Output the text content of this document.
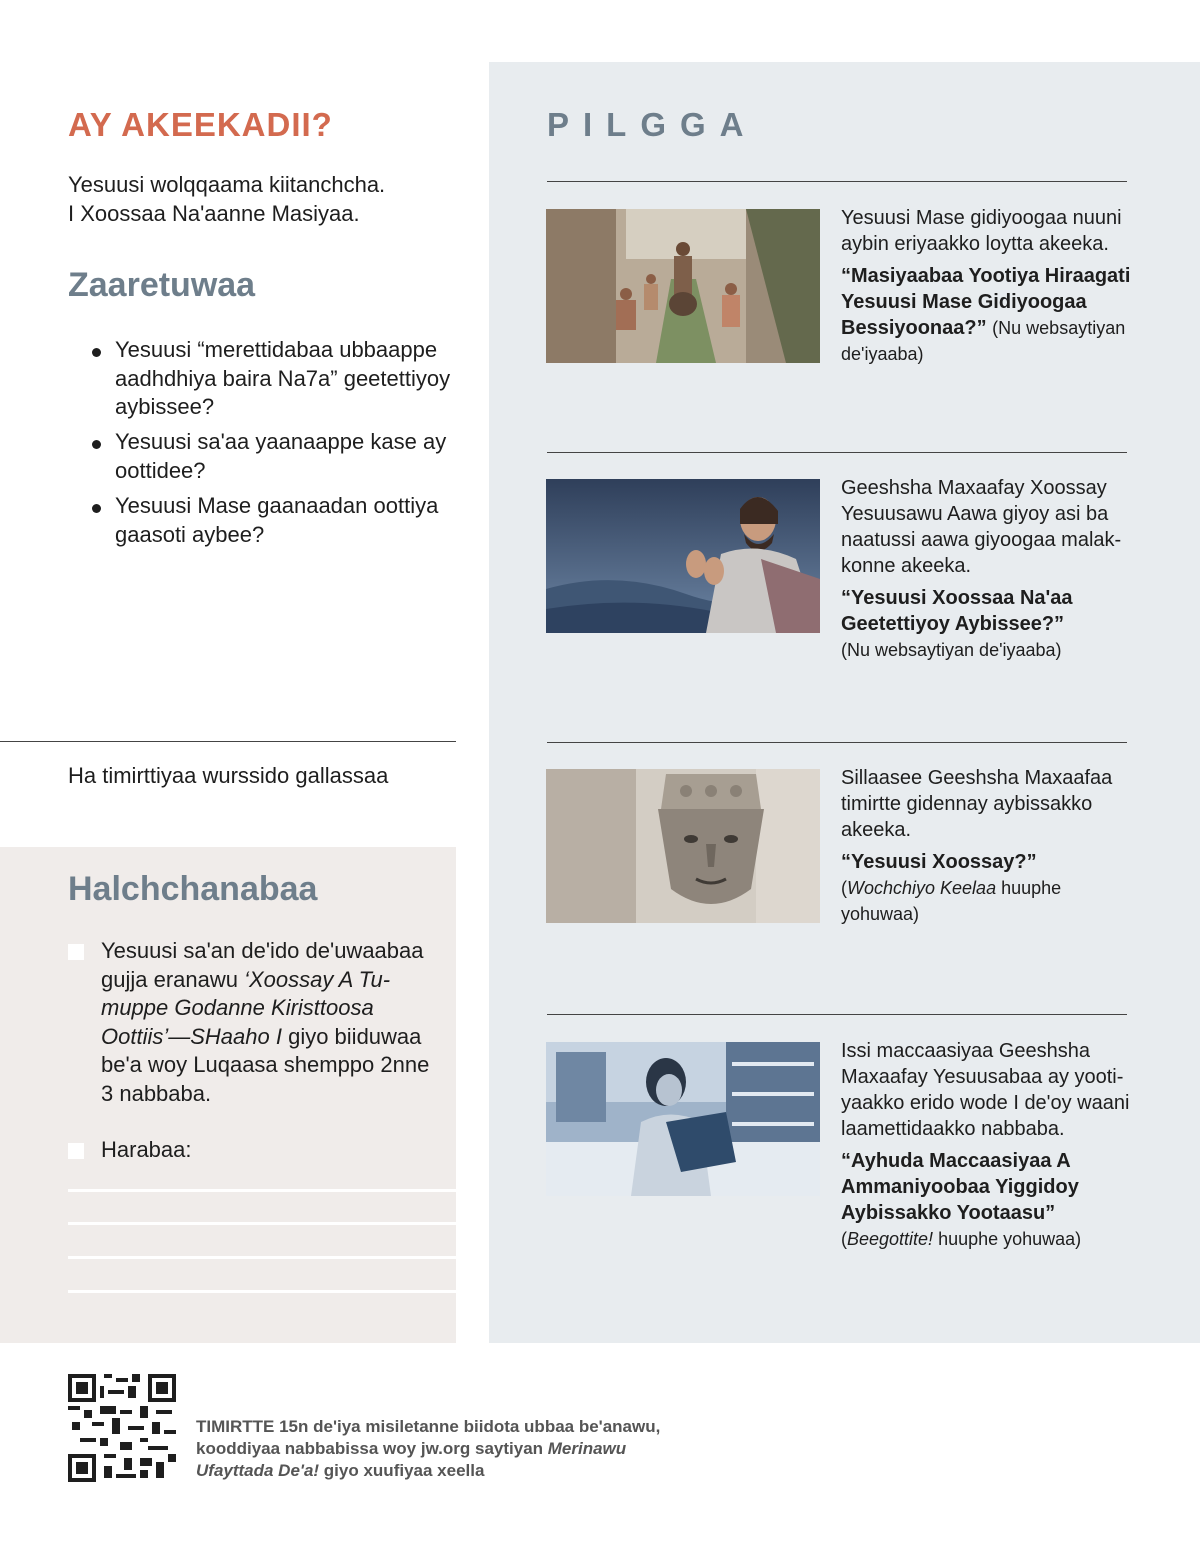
AY AKEEKADII?
Yesuusi wolqqaama kiitanchcha.
I Xoossaa Na'aanne Masiyaa.
Zaaretuwaa
Yesuusi “merettidabaa ubbaappe aadhdhiya baira Na7a” geetettiyoy aybissee?
Yesuusi sa'aa yaanaappe kase ay oottidee?
Yesuusi Mase gaanaadan oottiya gaasoti aybee?
Ha timirttiyaa wurssido gallassaa
Halchchanabaa
Yesuusi sa'an de'ido de'uwaabaa gujja eranawu ‘Xoossay A Tumuppe Godanne Kiristtoosa Oottiis’—SHaaho I giyo biiduwaa be'a woy Luqaasa shemppo 2nne 3 nabbaba.
Harabaa:
PILGGA

Yesuusi Mase gidiyoogaa nuuni aybin eriyaakko loytta akeeka.

“Masiyaabaa Yootiya Hiraagati Yesuusi Mase Gidiyoogaa Bessiyoonaa?” (Nu websaytiyan de'iyaaba)

Geeshsha Maxaafay Xoossay Yesuusawu Aawa giyoy asi ba naatussi aawa giyoogaa malakkonne akeeka.

“Yesuusi Xoossaa Na'aa Geetettiyoy Aybissee?”
(Nu websaytiyan de'iyaaba)

Sillaasee Geeshsha Maxaafaa timirtte gidennay aybissakko akeeka.

“Yesuusi Xoossay?”
(Wochchiyo Keelaa huuphe yohuwaa)

Issi maccaasiyaa Geeshsha Maxaafay Yesuusabaa ay yootiyaakko erido wode I de'oy waani laamettidaakko nabbaba.

“Ayhuda Maccaasiyaa A Ammaniyoobaa Yiggidoy Aybissakko Yootaasu”
(Beegottite! huuphe yohuwaa)
TIMIRTTE 15n de'iya misiletanne biidota ubbaa be'anawu, kooddiyaa nabbabissa woy jw.org saytiyan Merinawu Ufayttada De'a! giyo xuufiyaa xeella
